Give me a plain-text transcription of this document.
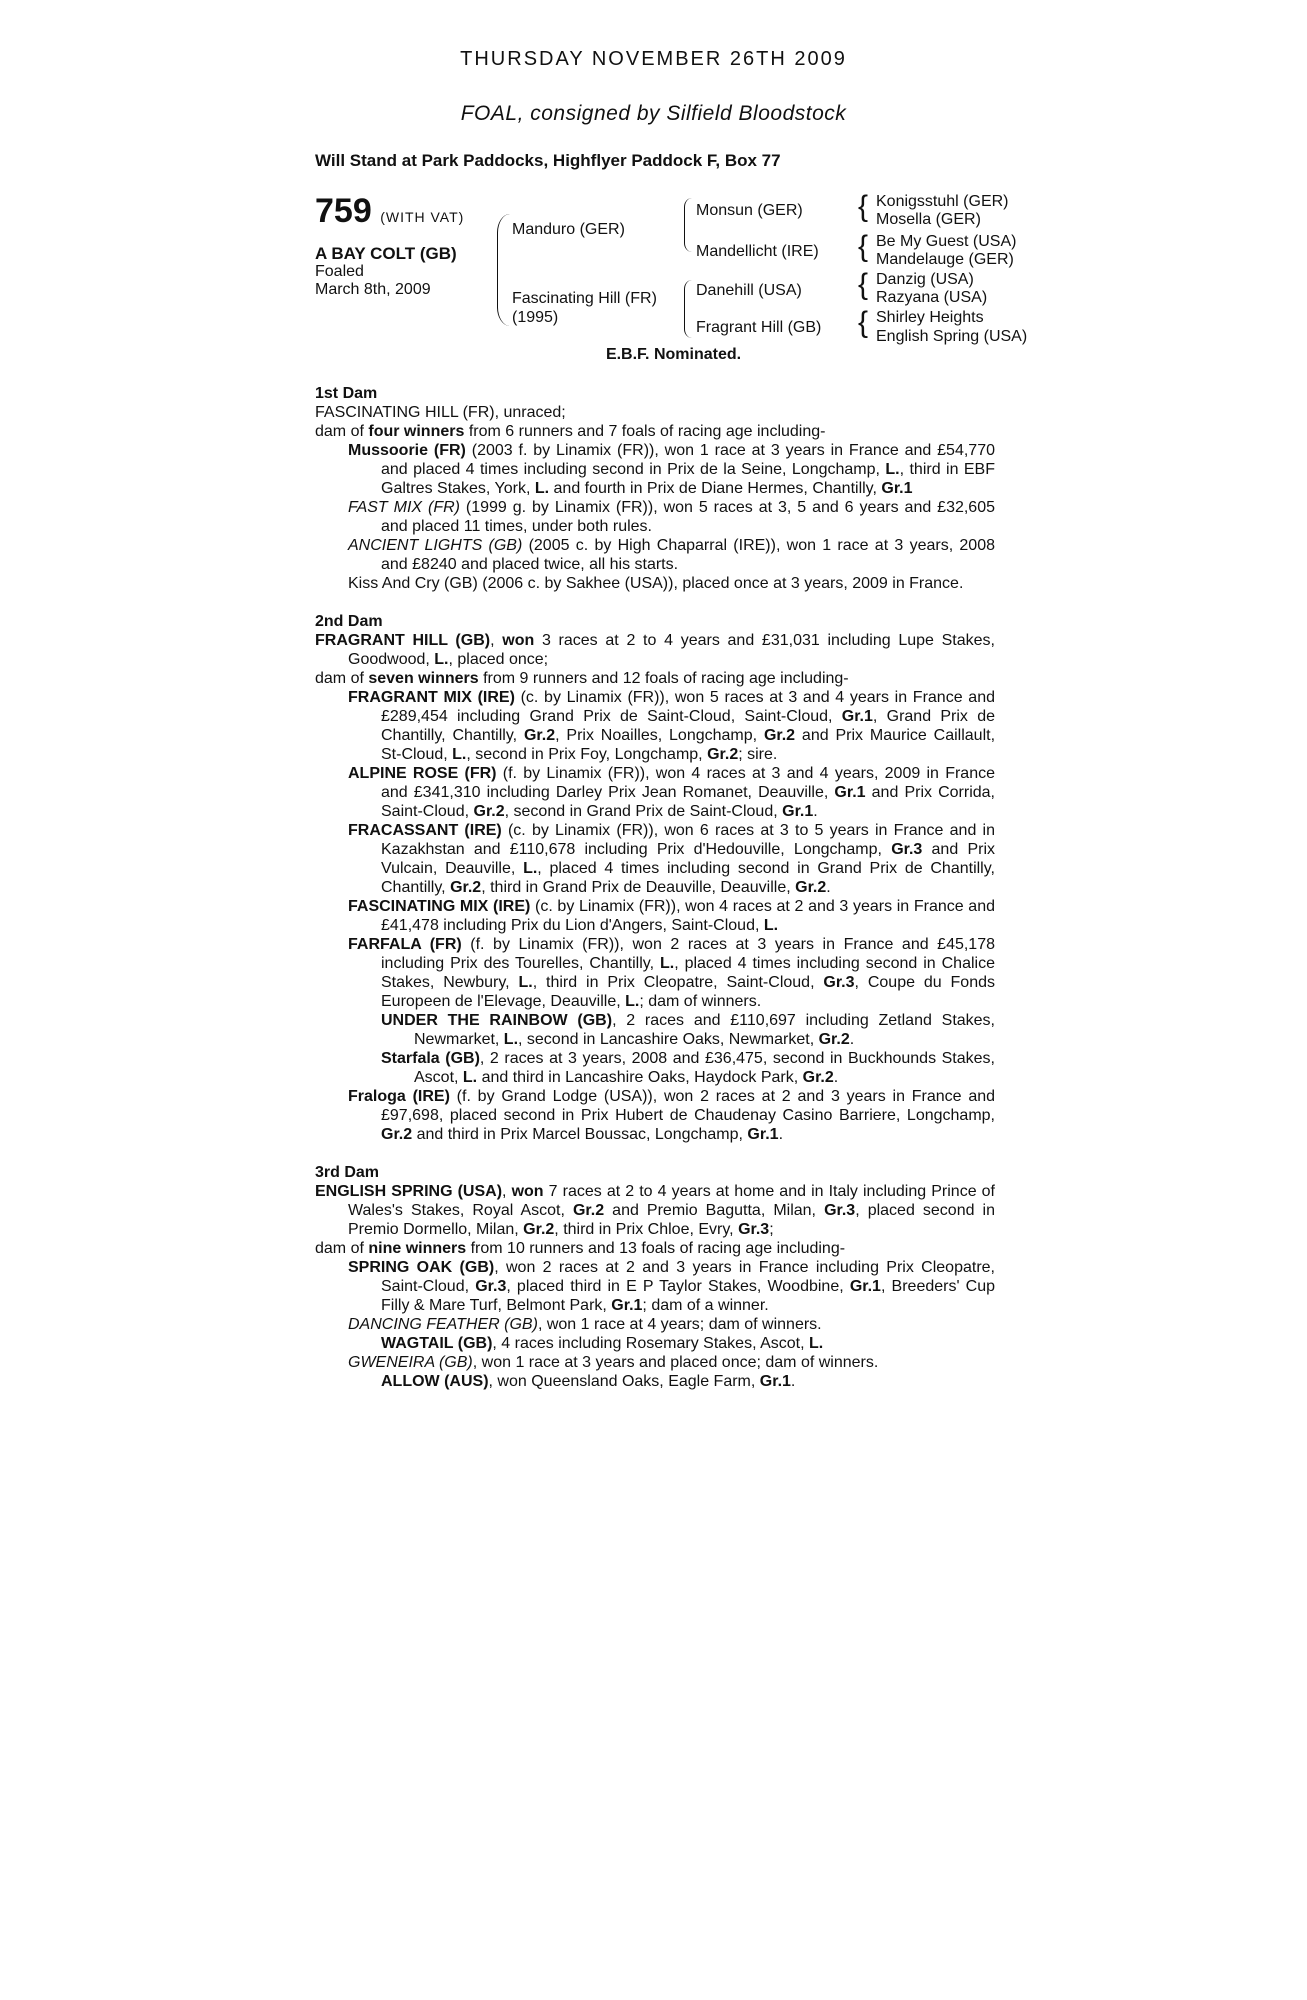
THURSDAY NOVEMBER 26TH 2009
FOAL, consigned by Silfield Bloodstock
Will Stand at Park Paddocks, Highflyer Paddock F, Box 77
759 (WITH VAT)
A BAY COLT (GB)
Foaled
March 8th, 2009
Manduro (GER)
Fascinating Hill (FR)
(1995)
Monsun (GER)
Mandellicht (IRE)
Danehill (USA)
Fragrant Hill (GB)
{ Konigsstuhl (GER)
Mosella (GER)
{ Be My Guest (USA)
Mandelauge (GER)
{ Danzig (USA)
Razyana (USA)
{ Shirley Heights
English Spring (USA)
E.B.F. Nominated.
1st Dam
FASCINATING HILL (FR), unraced;
dam of four winners from 6 runners and 7 foals of racing age including-
Mussoorie (FR) (2003 f. by Linamix (FR)), won 1 race at 3 years in France and £54,770 and placed 4 times including second in Prix de la Seine, Longchamp, L., third in EBF Galtres Stakes, York, L. and fourth in Prix de Diane Hermes, Chantilly, Gr.1
FAST MIX (FR) (1999 g. by Linamix (FR)), won 5 races at 3, 5 and 6 years and £32,605 and placed 11 times, under both rules.
ANCIENT LIGHTS (GB) (2005 c. by High Chaparral (IRE)), won 1 race at 3 years, 2008 and £8240 and placed twice, all his starts.
Kiss And Cry (GB) (2006 c. by Sakhee (USA)), placed once at 3 years, 2009 in France.
2nd Dam
FRAGRANT HILL (GB), won 3 races at 2 to 4 years and £31,031 including Lupe Stakes, Goodwood, L., placed once;
dam of seven winners from 9 runners and 12 foals of racing age including-
FRAGRANT MIX (IRE) (c. by Linamix (FR)), won 5 races at 3 and 4 years in France and £289,454 including Grand Prix de Saint-Cloud, Saint-Cloud, Gr.1, Grand Prix de Chantilly, Chantilly, Gr.2, Prix Noailles, Longchamp, Gr.2 and Prix Maurice Caillault, St-Cloud, L., second in Prix Foy, Longchamp, Gr.2; sire.
ALPINE ROSE (FR) (f. by Linamix (FR)), won 4 races at 3 and 4 years, 2009 in France and £341,310 including Darley Prix Jean Romanet, Deauville, Gr.1 and Prix Corrida, Saint-Cloud, Gr.2, second in Grand Prix de Saint-Cloud, Gr.1.
FRACASSANT (IRE) (c. by Linamix (FR)), won 6 races at 3 to 5 years in France and in Kazakhstan and £110,678 including Prix d'Hedouville, Longchamp, Gr.3 and Prix Vulcain, Deauville, L., placed 4 times including second in Grand Prix de Chantilly, Chantilly, Gr.2, third in Grand Prix de Deauville, Deauville, Gr.2.
FASCINATING MIX (IRE) (c. by Linamix (FR)), won 4 races at 2 and 3 years in France and £41,478 including Prix du Lion d'Angers, Saint-Cloud, L.
FARFALA (FR) (f. by Linamix (FR)), won 2 races at 3 years in France and £45,178 including Prix des Tourelles, Chantilly, L., placed 4 times including second in Chalice Stakes, Newbury, L., third in Prix Cleopatre, Saint-Cloud, Gr.3, Coupe du Fonds Europeen de l'Elevage, Deauville, L.; dam of winners.
UNDER THE RAINBOW (GB), 2 races and £110,697 including Zetland Stakes, Newmarket, L., second in Lancashire Oaks, Newmarket, Gr.2.
Starfala (GB), 2 races at 3 years, 2008 and £36,475, second in Buckhounds Stakes, Ascot, L. and third in Lancashire Oaks, Haydock Park, Gr.2.
Fraloga (IRE) (f. by Grand Lodge (USA)), won 2 races at 2 and 3 years in France and £97,698, placed second in Prix Hubert de Chaudenay Casino Barriere, Longchamp, Gr.2 and third in Prix Marcel Boussac, Longchamp, Gr.1.
3rd Dam
ENGLISH SPRING (USA), won 7 races at 2 to 4 years at home and in Italy including Prince of Wales's Stakes, Royal Ascot, Gr.2 and Premio Bagutta, Milan, Gr.3, placed second in Premio Dormello, Milan, Gr.2, third in Prix Chloe, Evry, Gr.3;
dam of nine winners from 10 runners and 13 foals of racing age including-
SPRING OAK (GB), won 2 races at 2 and 3 years in France including Prix Cleopatre, Saint-Cloud, Gr.3, placed third in E P Taylor Stakes, Woodbine, Gr.1, Breeders' Cup Filly & Mare Turf, Belmont Park, Gr.1; dam of a winner.
DANCING FEATHER (GB), won 1 race at 4 years; dam of winners.
WAGTAIL (GB), 4 races including Rosemary Stakes, Ascot, L.
GWENEIRA (GB), won 1 race at 3 years and placed once; dam of winners.
ALLOW (AUS), won Queensland Oaks, Eagle Farm, Gr.1.
